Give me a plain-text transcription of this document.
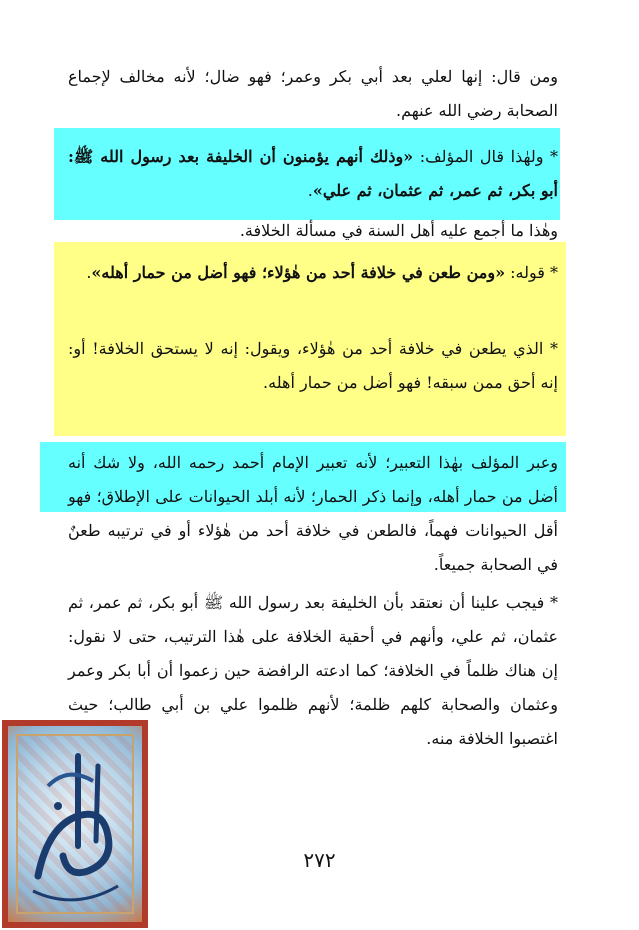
ومن قال: إنها لعلي بعد أبي بكر وعمر؛ فهو ضال؛ لأنه مخالف لإجماع الصحابة رضي الله عنهم.

* ولهٰذا قال المؤلف: «وذلك أنهم يؤمنون أن الخليفة بعد رسول الله ﷺ: أبو بكر، ثم عمر، ثم عثمان، ثم علي».

وهٰذا ما أجمع عليه أهل السنة في مسألة الخلافة.

* قوله: «ومن طعن في خلافة أحد من هٰؤلاء؛ فهو أضل من حمار أهله».

* الذي يطعن في خلافة أحد من هٰؤلاء، ويقول: إنه لا يستحق الخلافة! أو: إنه أحق ممن سبقه! فهو أضل من حمار أهله.

وعبر المؤلف بهٰذا التعبير؛ لأنه تعبير الإمام أحمد رحمه الله، ولا شك أنه أضل من حمار أهله، وإنما ذكر الحمار؛ لأنه أبلد الحيوانات على الإطلاق؛ فهو أقل الحيوانات فهماً، فالطعن في خلافة أحد من هٰؤلاء أو في ترتيبه طعنٌ في الصحابة جميعاً.

* فيجب علينا أن نعتقد بأن الخليفة بعد رسول الله ﷺ أبو بكر، ثم عمر، ثم عثمان، ثم علي، وأنهم في أحقية الخلافة على هٰذا الترتيب، حتى لا نقول: إن هناك ظلماً في الخلافة؛ كما ادعته الرافضة حين زعموا أن أبا بكر وعمر وعثمان والصحابة كلهم ظلمة؛ لأنهم ظلموا علي بن أبي طالب؛ حيث اغتصبوا الخلافة منه.

٢٧٢
